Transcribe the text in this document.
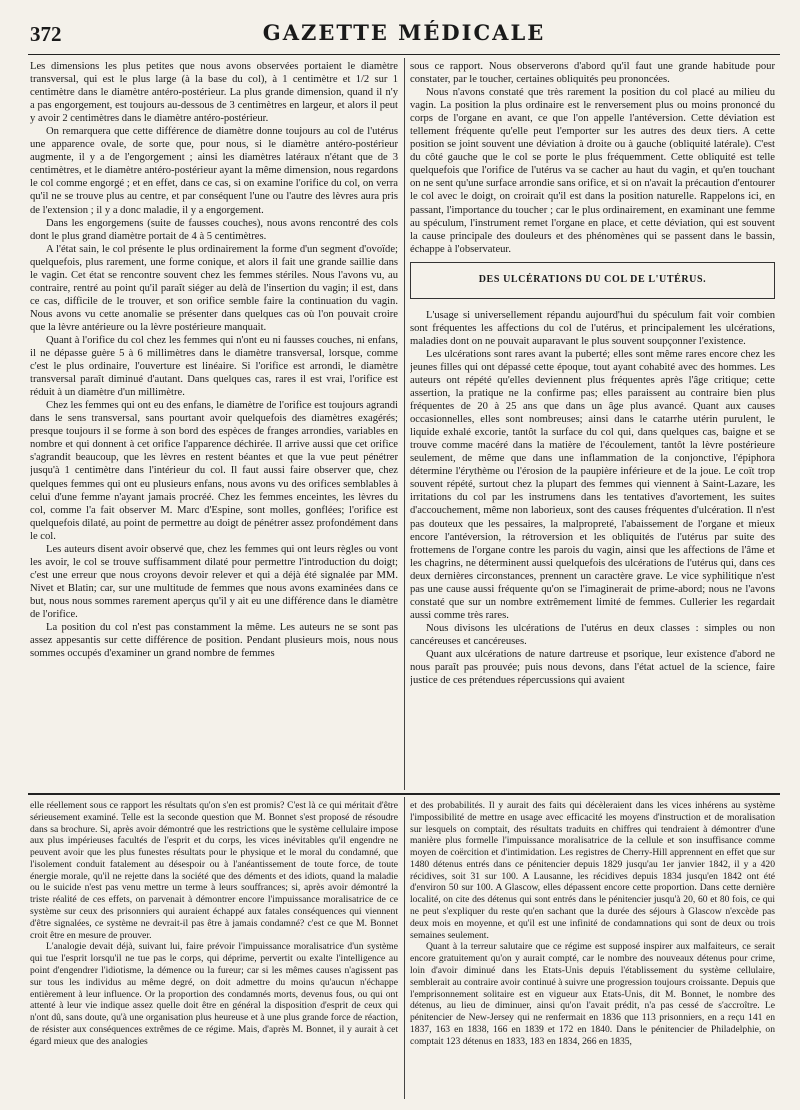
372	GAZETTE MÉDICALE

Les dimensions les plus petites que nous avons observées portaient le diamètre transversal, qui est le plus large (à la base du col), à 1 centimètre et 1/2 sur 1 centimètre dans le diamètre antéro-postérieur. La plus grande dimension, quand il n'y a pas engorgement, est toujours au-dessous de 3 centimètres en largeur, et alors il peut y avoir 2 centimètres dans le diamètre antéro-postérieur.

On remarquera que cette différence de diamètre donne toujours au col de l'utérus une apparence ovale, de sorte que, pour nous, si le diamètre antéro-postérieur augmente, il y a de l'engorgement ; ainsi les diamètres latéraux n'étant que de 3 centimètres, et le diamètre antéro-postérieur ayant la même dimension, nous regardons le col comme engorgé ; et en effet, dans ce cas, si on examine l'orifice du col, on verra qu'il ne se trouve plus au centre, et par conséquent l'une ou l'autre des lèvres aura pris de l'extension ; il y a donc maladie, il y a engorgement.

Dans les engorgemens (suite de fausses couches), nous avons rencontré des cols dont le plus grand diamètre portait de 4 à 5 centimètres.

A l'état sain, le col présente le plus ordinairement la forme d'un segment d'ovoïde; quelquefois, plus rarement, une forme conique, et alors il fait une grande saillie dans le vagin. Cet état se rencontre souvent chez les femmes stériles. Nous l'avons vu, au contraire, rentré au point qu'il paraît siéger au delà de l'insertion du vagin; il est, dans ce cas, difficile de le trouver, et son orifice semble faire la continuation du vagin. Nous avons vu cette anomalie se présenter dans quelques cas où l'on pouvait croire que la lèvre antérieure ou la lèvre postérieure manquait.

Quant à l'orifice du col chez les femmes qui n'ont eu ni fausses couches, ni enfans, il ne dépasse guère 5 à 6 millimètres dans le diamètre transversal, lorsque, comme c'est le plus ordinaire, l'ouverture est linéaire. Si l'orifice est arrondi, le diamètre transversal paraît diminué d'autant. Dans quelques cas, rares il est vrai, l'orifice est réduit à un diamètre d'un millimètre.

Chez les femmes qui ont eu des enfans, le diamètre de l'orifice est toujours agrandi dans le sens transversal, sans pourtant avoir quelquefois des diamètres exagérés; presque toujours il se forme à son bord des espèces de franges arrondies, variables en nombre et qui donnent à cet orifice l'apparence déchirée. Il arrive aussi que cet orifice s'agrandit beaucoup, que les lèvres en restent béantes et que la vue peut pénétrer jusqu'à 1 centimètre dans l'intérieur du col. Il faut aussi faire observer que, chez quelques femmes qui ont eu plusieurs enfans, nous avons vu des orifices semblables à celui d'une femme n'ayant jamais procréé. Chez les femmes enceintes, les lèvres du col, comme l'a fait observer M. Marc d'Espine, sont molles, gonflées; l'orifice est quelquefois dilaté, au point de permettre au doigt de pénétrer assez profondément dans le col.

Les auteurs disent avoir observé que, chez les femmes qui ont leurs règles ou vont les avoir, le col se trouve suffisamment dilaté pour permettre l'introduction du doigt; c'est une erreur que nous croyons devoir relever et qui a déjà été signalée par MM. Nivet et Blatin; car, sur une multitude de femmes que nous avons examinées dans ce but, nous nous sommes rarement aperçus qu'il y ait eu une différence dans le diamètre de l'orifice.

La position du col n'est pas constamment la même. Les auteurs ne se sont pas assez appesantis sur cette différence de position. Pendant plusieurs mois, nous nous sommes occupés d'examiner un grand nombre de femmes

sous ce rapport. Nous observerons d'abord qu'il faut une grande habitude pour constater, par le toucher, certaines obliquités peu prononcées.

Nous n'avons constaté que très rarement la position du col placé au milieu du vagin. La position la plus ordinaire est le renversement plus ou moins prononcé du corps de l'organe en avant, ce que l'on appelle l'antéversion. Cette déviation est tellement fréquente qu'elle peut l'emporter sur les autres des deux tiers. A cette position se joint souvent une déviation à droite ou à gauche (obliquité latérale). C'est du côté gauche que le col se porte le plus fréquemment. Cette obliquité est telle quelquefois que l'orifice de l'utérus va se cacher au haut du vagin, et qu'en touchant on ne sent qu'une surface arrondie sans orifice, et si on n'avait la précaution d'entourer le col avec le doigt, on croirait qu'il est dans la position naturelle. Rappelons ici, en passant, l'importance du toucher ; car le plus ordinairement, en examinant une femme au spéculum, l'instrument remet l'organe en place, et cette déviation, qui est souvent la cause principale des douleurs et des phénomènes qui se passent dans le bassin, échappe à l'observateur.

DES ULCÉRATIONS DU COL DE L'UTÉRUS.

L'usage si universellement répandu aujourd'hui du spéculum fait voir combien sont fréquentes les affections du col de l'utérus, et principalement les ulcérations, maladies dont on ne pouvait auparavant le plus souvent soupçonner l'existence.

Les ulcérations sont rares avant la puberté; elles sont même rares encore chez les jeunes filles qui ont dépassé cette époque, tout ayant cohabité avec des hommes. Les auteurs ont répété qu'elles deviennent plus fréquentes après l'âge critique; cette assertion, la pratique ne la confirme pas; elles paraissent au contraire bien plus fréquentes de 20 à 25 ans que dans un âge plus avancé. Quant aux causes occasionnelles, elles sont nombreuses; ainsi dans le catarrhe utérin purulent, le liquide exhalé excorie, tantôt la surface du col qui, dans quelques cas, baigne et se trouve comme macéré dans la matière de l'écoulement, tantôt la lèvre postérieure seulement, de même que dans une inflammation de la conjonctive, l'épiphora détermine l'érythème ou l'érosion de la paupière inférieure et de la joue. Le coït trop souvent répété, surtout chez la plupart des femmes qui viennent à Saint-Lazare, les irritations du col par les instrumens dans les tentatives d'avortement, les suites d'accouchement, même non laborieux, sont des causes fréquentes d'ulcération. Il n'est pas douteux que les pessaires, la malpropreté, l'abaissement de l'organe et mieux encore l'antéversion, la rétroversion et les obliquités de l'utérus par suite des frottemens de l'organe contre les parois du vagin, ainsi que les affections de l'âme et les chagrins, ne déterminent aussi quelquefois des ulcérations de l'utérus qui, dans ces deux dernières circonstances, prennent un caractère grave. Le vice syphilitique n'est pas une cause aussi fréquente qu'on se l'imaginerait de prime-abord; nous ne l'avons constaté que sur un nombre extrêmement limité de femmes. Cullerier les regardait aussi comme très rares.

Nous divisons les ulcérations de l'utérus en deux classes : simples ou non cancéreuses et cancéreuses.

Quant aux ulcérations de nature dartreuse et psorique, leur existence d'abord ne nous paraît pas prouvée; puis nous devons, dans l'état actuel de la science, faire justice de ces prétendues répercussions qui avaient

elle réellement sous ce rapport les résultats qu'on s'en est promis? C'est là ce qui méritait d'être sérieusement examiné. Telle est la seconde question que M. Bonnet s'est proposé de résoudre dans sa brochure. Si, après avoir démontré que les restrictions que le système cellulaire impose aux plus impérieuses facultés de l'esprit et du corps, les vices inévitables qu'il engendre ne peuvent avoir que les plus funestes résultats pour le physique et le moral du condamné, que l'isolement conduit fatalement au désespoir ou à l'anéantissement de toute force, de toute énergie morale, qu'il ne rejette dans la société que des déments et des idiots, quand la maladie ou le suicide n'est pas venu mettre un terme à leurs souffrances; si, après avoir démontré la triste réalité de ces effets, on parvenait à démontrer encore l'impuissance moralisatrice de ce système sur ceux des prisonniers qui auraient échappé aux fatales conséquences qui viennent d'être signalées, ce système ne devrait-il pas être à jamais condamné? c'est ce que M. Bonnet croit être en mesure de prouver.

L'analogie devait déjà, suivant lui, faire prévoir l'impuissance moralisatrice d'un système qui tue l'esprit lorsqu'il ne tue pas le corps, qui déprime, pervertit ou exalte l'intelligence au point d'engendrer l'idiotisme, la démence ou la fureur; car si les mêmes causes n'agissent pas sur tous les individus au même degré, on doit admettre du moins qu'aucun n'échappe entièrement à leur influence. Or la proportion des condamnés morts, devenus fous, ou qui ont attenté à leur vie indique assez quelle doit être en général la disposition d'esprit de ceux qui n'ont dû, sans doute, qu'à une organisation plus heureuse et à une plus grande force de réaction, de résister aux conséquences extrêmes de ce régime. Mais, d'après M. Bonnet, il y aurait à cet égard mieux que des analogies

et des probabilités. Il y aurait des faits qui décèleraient dans les vices inhérens au système l'impossibilité de mettre en usage avec efficacité les moyens d'instruction et de moralisation sur lesquels on comptait, des résultats traduits en chiffres qui tendraient à démontrer d'une manière plus formelle l'impuissance moralisatrice de la cellule et son insuffisance comme moyen de coërcition et d'intimidation. Les registres de Cherry-Hill apprennent en effet que sur 1480 détenus entrés dans ce pénitencier depuis 1829 jusqu'au 1er janvier 1842, il y a 420 récidives, soit 31 sur 100. A Lausanne, les récidives depuis 1834 jusqu'en 1842 ont été d'environ 50 sur 100. A Glascow, elles dépassent encore cette proportion. Dans cette dernière localité, on cite des détenus qui sont entrés dans le pénitencier jusqu'à 20, 60 et 80 fois, ce qui ne peut s'expliquer du reste qu'en sachant que la durée des séjours à Glascow n'excède pas deux mois en moyenne, et qu'il est une infinité de condamnations qui sont de deux ou trois semaines seulement.

Quant à la terreur salutaire que ce régime est supposé inspirer aux malfaiteurs, ce serait encore gratuitement qu'on y aurait compté, car le nombre des nouveaux détenus pour crime, loin d'avoir diminué dans les Etats-Unis depuis l'établissement du système cellulaire, semblerait au contraire avoir continué à suivre une progression toujours croissante. Depuis que l'emprisonnement solitaire est en vigueur aux Etats-Unis, dit M. Bonnet, le nombre des détenus, au lieu de diminuer, ainsi qu'on l'avait prédit, n'a pas cessé de s'accroître. Le pénitencier de New-Jersey qui ne renfermait en 1836 que 113 prisonniers, en a reçu 141 en 1837, 163 en 1838, 166 en 1839 et 172 en 1840. Dans le pénitencier de Philadelphie, on comptait 123 détenus en 1833, 183 en 1834, 266 en 1835,
